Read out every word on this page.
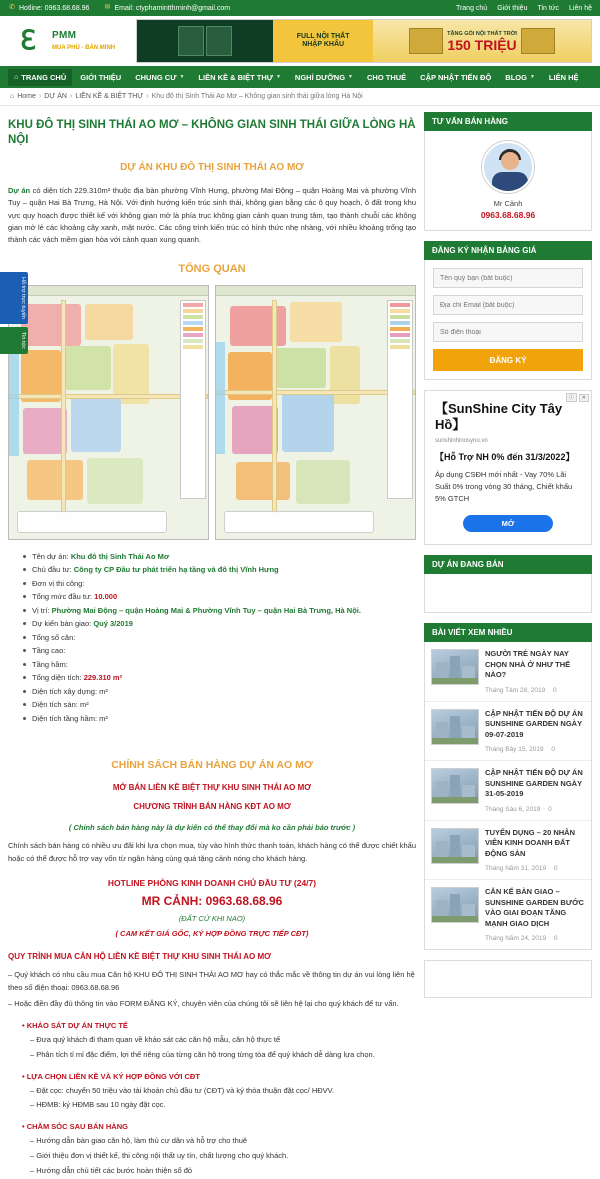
✆ Hotline: 0963.68.68.96 ✉ Email: ctyphamintthrninh@gmail.com	Trang chủ Giới thiệu Tin tức Liên hệ
ℇ	PMM
MUA PHÚ - BÁN MINH
FULL NỘI THẤT
NHẬP KHẨU
TẶNG GÓI NỘI THẤT TRỜI
150 TRIỆU
⌂ TRANG CHỦ GIỚI THIỆU CHUNG CƯ ▼ LIỀN KỀ & BIỆT THỰ ▼ NGHỈ DƯỠNG ▼ CHO THUÊ CẬP NHẬT TIẾN ĐỘ BLOG ▼ LIÊN HỆ
⌂ Home › DỰ ÁN › LIỀN KỀ & BIỆT THỰ › Khu đô thị Sinh Thái Ao Mơ – Không gian sinh thái giữa lòng Hà Nội
Hỗ trợ trực tuyến
Tin tức
KHU ĐÔ THỊ SINH THÁI AO MƠ – KHÔNG GIAN SINH THÁI GIỮA LÒNG HÀ NỘI
DỰ ÁN KHU ĐÔ THỊ SINH THÁI AO MƠ

Dự án có diện tích 229.310m² thuộc địa bàn phường Vĩnh Hưng, phường Mai Động – quận Hoàng Mai và phường Vĩnh Tuy – quận Hai Bà Trưng, Hà Nội. Với định hướng kiến trúc sinh thái, không gian bằng các ô quy hoạch, ô đất trong khu vực quy hoạch được thiết kế với không gian mở là phía trục không gian cảnh quan trung tâm, tạo thành chuỗi các không gian mở lẻ các khoảng cây xanh, mặt nước. Các công trình kiến trúc có hình thức nhẹ nhàng, với nhiều khoảng trống tạo thành các vách mềm gian hòa với cảnh quan xung quanh.

TỔNG QUAN
Tên dự án: Khu đô thị Sinh Thái Ao Mơ
Chủ đầu tư: Công ty CP Đầu tư phát triển hạ tầng và đô thị Vĩnh Hưng
Đơn vị thi công:
Tổng mức đầu tư: 10.000
Vị trí: Phường Mai Động – quận Hoàng Mai & Phường Vĩnh Tuy – quận Hai Bà Trưng, Hà Nội.
Dự kiến bàn giao: Quý 3/2019
Tổng số căn:
Tầng cao:
Tầng hầm:
Tổng diện tích: 229.310 m²
Diện tích xây dựng: m²
Diện tích sàn: m²
Diện tích tầng hầm: m²
CHÍNH SÁCH BÁN HÀNG DỰ ÁN AO MƠ
MỞ BÁN LIỀN KỀ BIỆT THỰ KHU SINH THÁI AO MƠ
CHƯƠNG TRÌNH BÁN HÀNG KĐT AO MƠ
( Chính sách bán hàng này là dự kiến có thể thay đổi mà ko cần phải báo trước )
Chính sách bán hàng có nhiều ưu đãi khi lựa chọn mua, tùy vào hình thức thanh toán, khách hàng có thể được chiết khấu hoặc có thể được hỗ trợ vay vốn từ ngân hàng cùng quá tặng cảnh nóng cho khách hàng.
HOTLINE PHÒNG KINH DOANH CHỦ ĐẦU TƯ (24/7)
MR CẢNH: 0963.68.68.96
(ĐẤT CỨ KHI NAO)
( CAM KẾT GIÁ GỐC, KÝ HỢP ĐỒNG TRỰC TIẾP CĐT)
QUY TRÌNH MUA CĂN HỘ LIỀN KỀ BIỆT THỰ KHU SINH THÁI AO MƠ

– Quý khách có nhu cầu mua Căn hộ KHU ĐÔ THỊ SINH THÁI AO MƠ hay có thắc mắc về thông tin dự án vui lòng liên hệ theo số điện thoại: 0963.68.68.96

– Hoặc điền đầy đủ thông tin vào FORM ĐĂNG KÝ, chuyên viên của chúng tôi sẽ liên hệ lại cho quý khách để tư vấn.

• KHẢO SÁT DỰ ÁN THỰC TẾ

– Đưa quý khách đi tham quan về khảo sát các căn hộ mẫu, căn hộ thực tế

– Phân tích tỉ mỉ đặc điểm, lợi thế riêng của từng căn hộ trong từng tòa để quý khách dễ dàng lựa chọn.

• LỰA CHỌN LIỀN KỀ VÀ KÝ HỢP ĐỒNG VỚI CĐT

– Đặt cọc: chuyển 50 triệu vào tài khoản chủ đầu tư (CĐT) và ký thỏa thuận đặt cọc/ HĐVV.

– HĐMB: ký HĐMB sau 10 ngày đặt cọc.

• CHĂM SÓC SAU BÁN HÀNG

– Hướng dẫn bàn giao căn hộ, làm thủ cư dân và hỗ trợ cho thuê

– Giới thiệu đơn vị thiết kế, thi công nội thất uy tín, chất lượng cho quý khách.

– Hướng dẫn chủ tiết các bước hoàn thiện sổ đỏ

TƯ VẤN BÁN HÀNG
Mr Cảnh
0963.68.68.96
ĐĂNG KÝ NHẬN BẢNG GIÁ
Tên quý bạn (bắt buộc) Địa chỉ Email (bắt buộc) Số điện thoại ĐĂNG KÝ
ⓘ	✕
【SunShine City Tây Hồ】
sunshinhinosyno.vn
【Hỗ Trợ NH 0% đến 31/3/2022】
Áp dụng CSĐH mới nhất - Vay 70% Lãi Suất 0% trong vòng 30 tháng, Chiết khấu 5% GTCH
MỞ
DỰ ÁN ĐANG BÁN
BÀI VIẾT XEM NHIỀU
NGƯỜI TRẺ NGÀY NAY CHỌN NHÀ Ở NHƯ THẾ NÀO?
Tháng Tám 28, 2019 0
CẬP NHẬT TIẾN ĐỘ DỰ ÁN SUNSHINE GARDEN NGÀY 09-07-2019
Tháng Bảy 15, 2019 0
CẬP NHẬT TIẾN ĐỘ DỰ ÁN SUNSHINE GARDEN NGÀY 31-05-2019
Tháng Sáu 6, 2019 0
TUYỂN DỤNG – 20 NHÂN VIÊN KINH DOANH ĐẤT ĐỘNG SẢN
Tháng Năm 31, 2019 0
CĂN KẾ BÀN GIAO – SUNSHINE GARDEN BƯỚC VÀO GIAI ĐOẠN TĂNG MẠNH GIAO DỊCH
Tháng Năm 24, 2019 0
